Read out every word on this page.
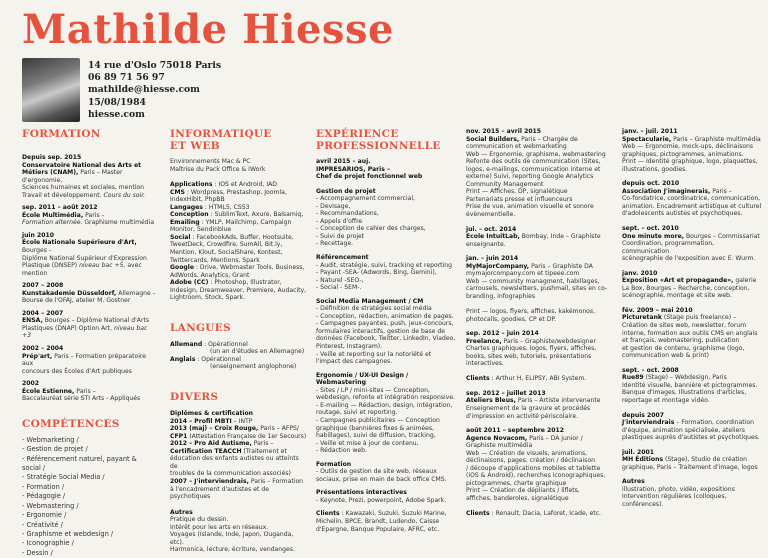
Mathilde Hiesse
14 rue d'Oslo 75018 Paris
06 89 71 56 97
mathilde@hiesse.com
15/08/1984
hiesse.com
FORMATION
Depuis sep. 2015
Conservatoire National des Arts et Métiers (CNAM), Paris – Master d'ergonomie,
Sciences humaines et sociales, mention
Travail et développement. Cours du soir.
sep. 2011 – août 2012
École Multimédia, Paris –
Formation alternée. Graphisme multimédia
juin 2010
École Nationale Supérieure d'Art, Bourges –
Diplôme National Supérieur d'Expression
Plastique (DNSEP) niveau bac +5, avec
mention
2007 – 2008
Kunstakademie Düsseldorf, Allemagne –
Bourse de l'OFAJ, atelier M. Gostner
2004 – 2007
ENSA, Bourges – Diplôme National d'Arts
Plastiques (DNAP) Option Art, niveau bac +3
2002 – 2004
Prép'art, Paris – Formation préparatoire aux
concours des Écoles d'Art publiques
2002
École Estienne, Paris –
Baccalauréat série STI Arts - Appliqués
COMPÉTENCES
- Webmarketing /
- Gestion de projet /
- Référencement naturel, payant & social /
- Stratégie Social Media /
- Formation /
- Pédagogie /
- Webmastering /
- Ergonomie /
- Créativité /
- Graphisme et webdesign /
- Iconographie /
- Dessin /
INFORMATIQUE
ET WEB
Environnements Mac & PC
Maîtrise du Pack Office & IWork
Applications : IOS et Android, IAD
CMS : Wordpress, Prestashop, Joomla,
IndexHibit, PhpBB
Langages : HTML5, CSS3
Conception : SublimText, Axure, Balsamiq,
Emailing : YMLP, Mailchimp, Campaign
Monitor, Sendinblue
Social : FacebookAds, Buffer, Hootsuite,
TweetDeck, Crowdfire, SumAll, Bit.ly,
Mention, Klout, SocialShare, Kontest,
Twittercards, Mentions, Spark
Google : Drive, Webmaster Tools, Business,
AdWords, Analytics, Grant
Adobe (CC) : Photoshop, Illustrator,
Indesign, Dreamweaver, Premiere, Audacity,
Lightroom, Stock, Spark.
LANGUES
Allemand : Opérationnel
(un an d'études en Allemagne)
Anglais : Opérationnel
(enseignement anglophone)
DIVERS
Diplômes & certification
2014 – Profil MBTI – INTP
2013 (maj) – Croix Rouge, Paris – AFPS/
CFP1 (Attestation Française de 1er Secours)
2012 – Pro Aid Autisme, Paris –
Certification TEACCH (Traitement et
éducation des enfants autistes ou atteints de
troubles de la communication associés)
2007 – J'interviendrais, Paris – Formation
à l'encadrement d'autistes et de psychotiques
Autres
Pratique du dessin.
Intérêt pour les arts en réseaux.
Voyages (Islande, Inde, Japon, Ouganda, etc).
Harmonica, lecture, écriture, vendanges.
EXPÉRIENCE
PROFESSIONNELLE
avril 2015 – auj.
IMPRESARIOS, Paris –
Chef de projet fonctionnel web
Gestion de projet
- Accompagnement commercial,
- Devisage,
- Recommandations,
- Appels d'offre
- Conception de cahier des charges,
- Suivi de projet
- Recettage.
Référencement
- Audit, stratégie, suivi, tracking et reporting
- Payant -SEA- (Adwords, Bing, Gemini),
- Naturel -SEO-,
- Social - SEM-.
Social Media Management / CM
- Définition de stratégies social média
- Conception, rédaction, animation de pages.
- Campagnes payantes, push, jeux-concours,
formulaires interactifs, gestion de base de
données (Facebook, Twitter, LinkedIn, Viadeo,
Pinterest, Instagram).
- Veille et reporting sur la notoriété et
l'impact des campagnes.
Ergonomie / UX-UI Design / Webmastering
- Sites / LP / mini-sites — Conception,
webdesign, refonte et intégration responsive.
- E-mailing — Rédaction, design, intégration,
routage, suivi et reporting.
- Campagnes publicitaires — Conception
graphique (bannières fixes & animées,
habillages), suivi de diffusion, tracking,
- Veille et mise à jour de contenu,
- Rédaction web.
Formation
- Outils de gestion de site web, réseaux
sociaux, prise en main de back office CMS.
Présentations interactives
- Keynote, Prezi, powerpoint, Adobe Spark.
Clients : Kawazaki, Suzuki, Suzuki Marine,
Michelin, BPCE, Brandt, Ludendo, Caisse
d'Epargne, Banque Populaire, AFRC, etc.
nov. 2015 – avril 2015
Social Builders, Paris – Chargée de
communication et webmarketing
Web — Ergonomie, graphisme, webmastering
Refonte des outils de communication (Sites,
logos, e-mailings, communication interne et
externe) Suivi, reporting Google Analytics
Community Management
Print — Affiches, DP, signalétique
Partenariats presse et influenceurs
Prise de vue, animation visuelle et sonore
évènementielle.
jui. – oct. 2014
Ecole IntuitLab, Bombay, Inde – Graphiste
enseignante.
jan. – juin 2014
MyMajorCompany, Paris – Graphiste DA
mymajorcompany.com et tipeee.com
Web — community managment, habillages,
carrousels, newsletters, pushmail, sites en co-
branding, infographies
Print — logos, flyers, affiches, kakémonos,
photocalls, goodies, CP et DP.
sep. 2012 – juin 2014
Freelance, Paris – Graphiste/webdesigner
Chartes graphiques, logos, flyers, affiches,
books, sites web, tutoriels, présentations
interactives.
Clients : Arthur H, ELIPSY, ABI System.
sep. 2012 – juillet 2013
Ateliers Bleus, Paris – Artiste intervenante
Enseignement de la gravure et procédés
d'impression en activité périscolaire.
août 2011 – septembre 2012
Agence Novacom, Paris – DA junior /
Graphiste multimédia
Web — Création de visuels, animations,
déclinaisons, pages, création / déclinaison
/ découpe d'applications mobiles et tablette
(iOS & Android), recherches iconographiques,
pictogrammes, charte graphique
Print — Création de dépliants / liflets,
affiches, banderoles, signalétique
Clients : Renault, Dacia, Laforet, Icade, etc.
janv. – juil. 2011
Spectacularie, Paris – Graphiste multimédia
Web — Ergonomie, mock-ups, déclinaisons
graphiques, pictogrammes, animations.
Print — Identité graphique, logo, plaquettes,
illustrations, goodies.
depuis oct. 2010
Association J'imaginerais, Paris –
Co-fondatrice, coordinatrice, communication,
animation. Encadrement artistique et culturel
d'adolescents autistes et psychotiques.
sept. – oct. 2010
One minute more, Bourges – Commissariat
Coordination, programmation, communication
scénographie de l'exposition avec E. Wurm.
janv. 2010
Exposition «Art et propagande», galerie
La Box, Bourges – Recherche, conception,
scénographie, montage et site web.
fév. 2009 – mai 2010
Picturetank (Stage puis freelance) –
Création de sites web, newsletter, forum
interne, formation aux outils CMS en anglais
et français, webmastering, publication
et gestion de contenu, graphisme (logo,
communication web & print)
sept. – oct. 2008
Rue89 (Stage) – Webdesign, Paris
Identité visuelle, bannière et pictogrammes.
Banque d'images. Illustrations d'articles,
reportage et montage vidéo.
depuis 2007
J'interviendrais – Formation, coordination
d'équipe, animation spécialisée, ateliers
plastiques auprès d'autistes et psychotiques.
juil. 2001
MH Éditions (Stage), Studio de création
graphique, Paris – Traitement d'image, logos
Autres
illustration, photo, vidéo, expositions
Intervention régulières (colloques,
conférences).
